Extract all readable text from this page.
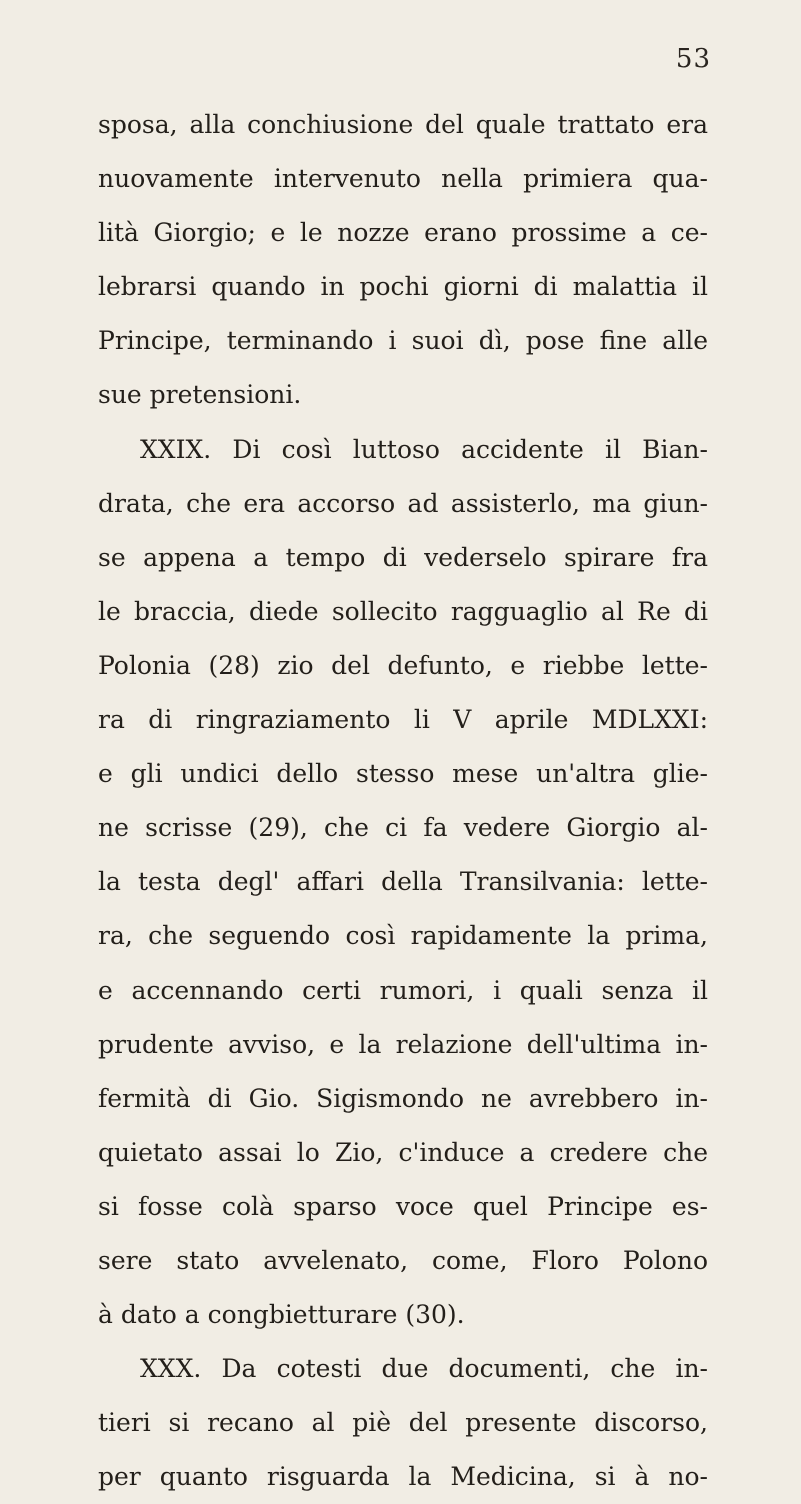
53
sposa, alla conchiusione del quale trattato era
nuovamente intervenuto nella primiera qua-
lità Giorgio; e le nozze erano prossime a ce-
lebrarsi quando in pochi giorni di malattia il
Principe, terminando i suoi dì, pose fine alle
sue pretensioni.
XXIX. Di così luttoso accidente il Bian-
drata, che era accorso ad assisterlo, ma giun-
se appena a tempo di vederselo spirare fra
le braccia, diede sollecito ragguaglio al Re di
Polonia (28) zio del defunto, e riebbe lette-
ra di ringraziamento li V aprile MDLXXI:
e gli undici dello stesso mese un'altra glie-
ne scrisse (29), che ci fa vedere Giorgio al-
la testa degl' affari della Transilvania: lette-
ra, che seguendo così rapidamente la prima,
e accennando certi rumori, i quali senza il
prudente avviso, e la relazione dell'ultima in-
fermità di Gio. Sigismondo ne avrebbero in-
quietato assai lo Zio, c'induce a credere che
si fosse colà sparso voce quel Principe es-
sere stato avvelenato, come, Floro Polono
à dato a congbietturare (30).
XXX. Da cotesti due documenti, che in-
tieri si recano al piè del presente discorso,
per quanto risguarda la Medicina, si à no-
